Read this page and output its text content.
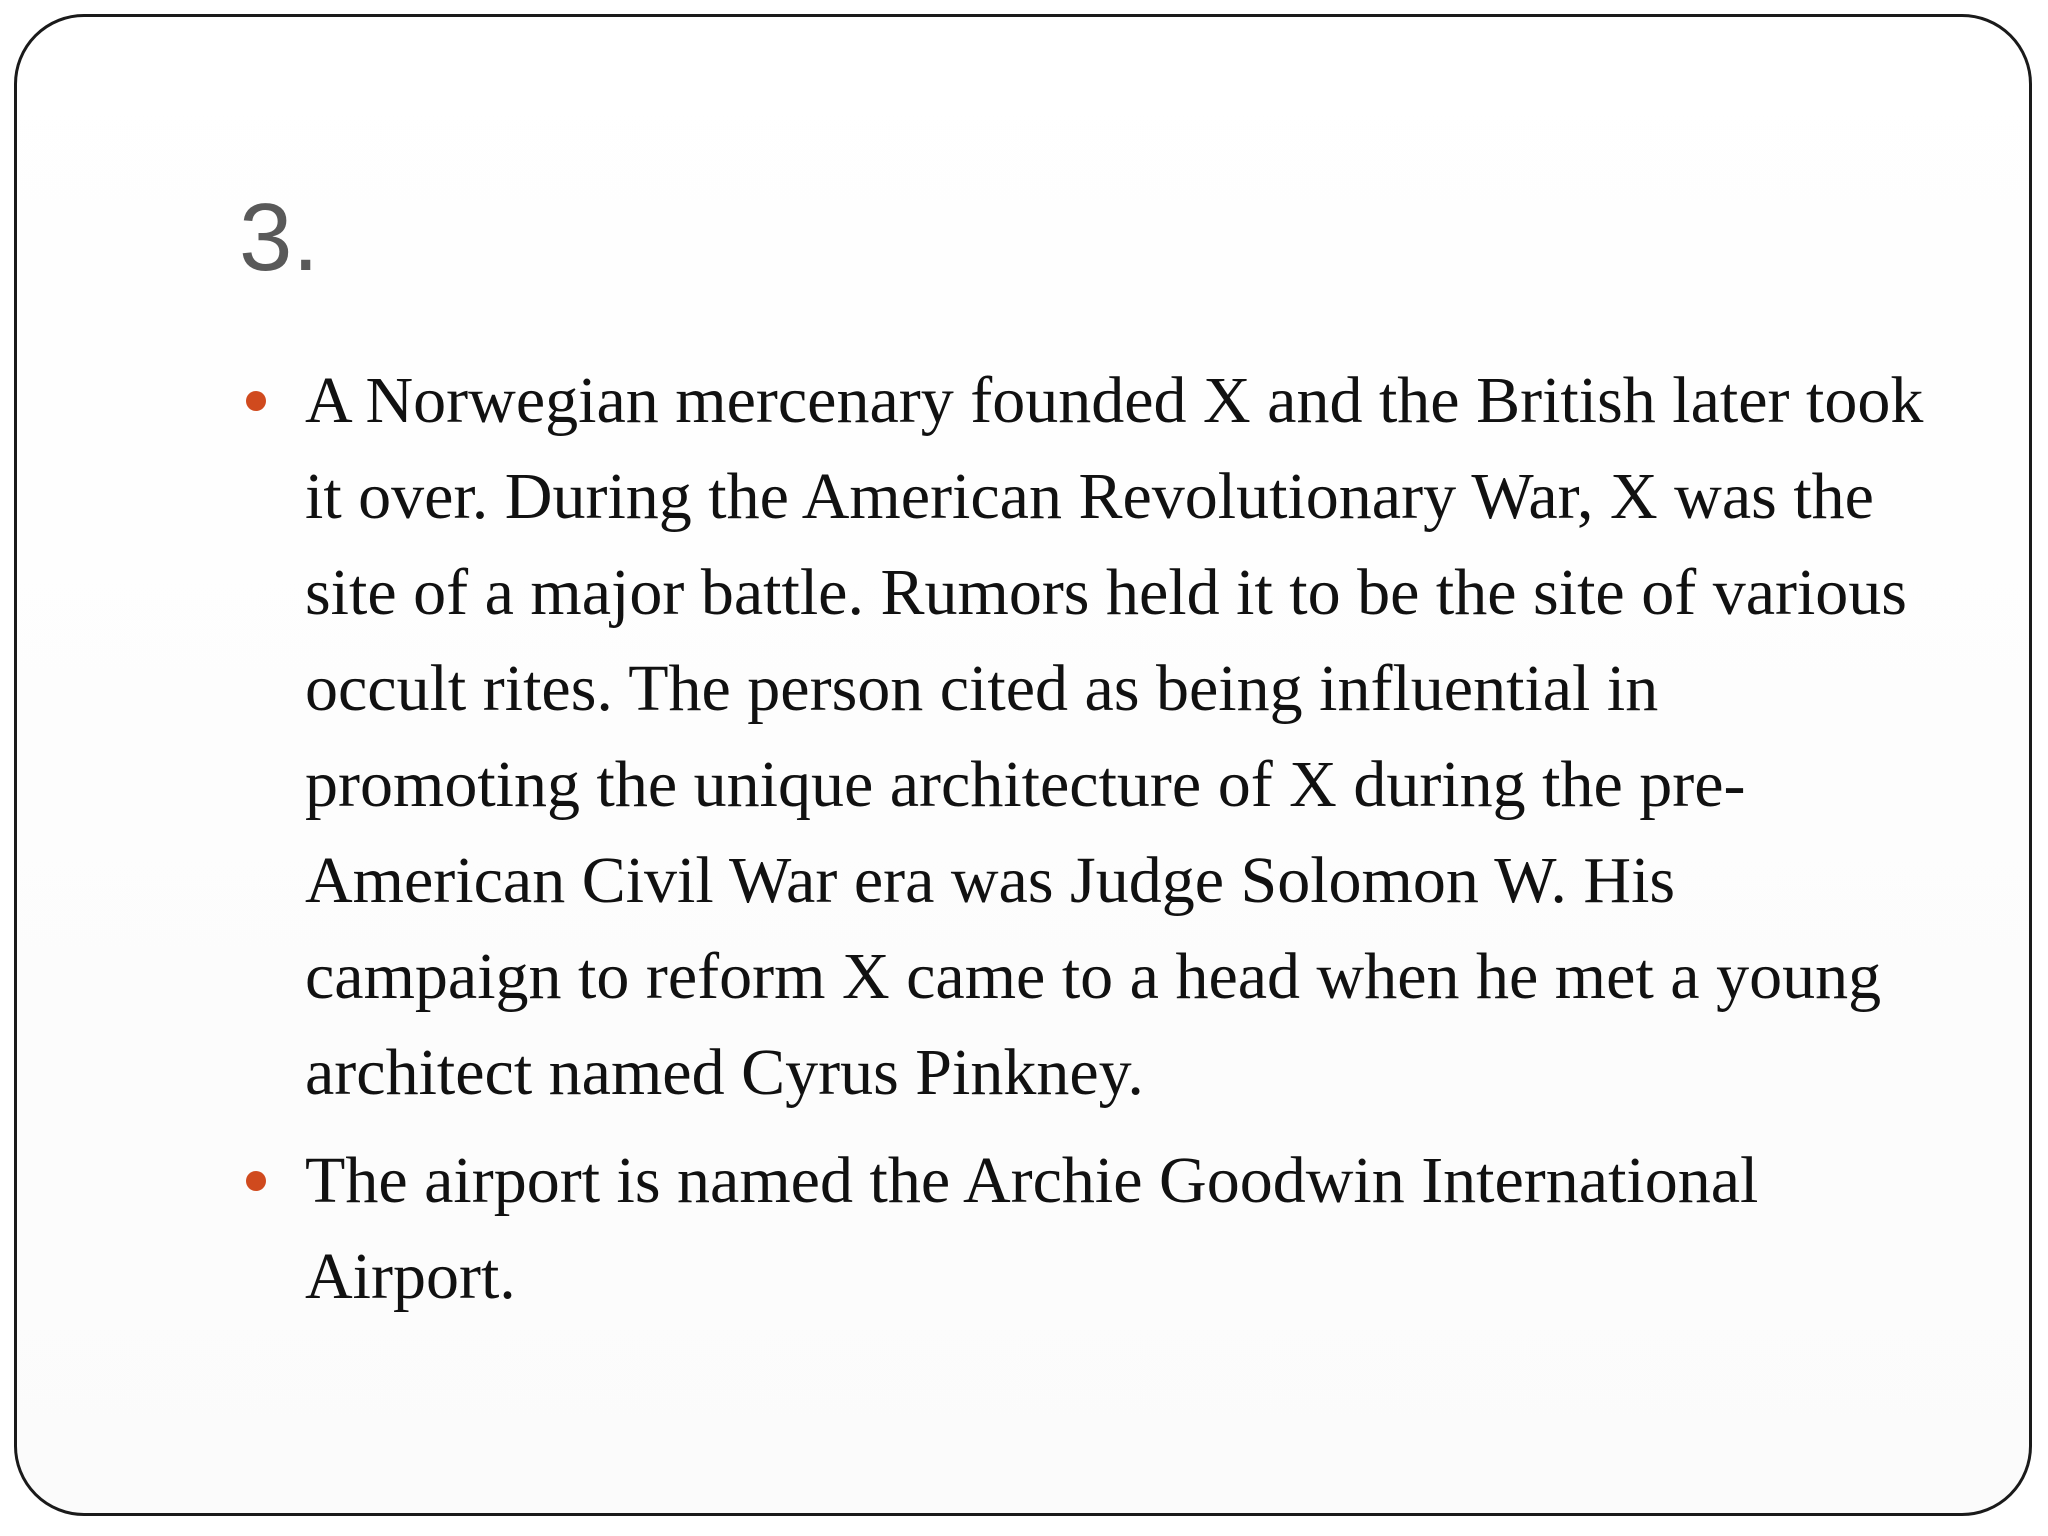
3.
A Norwegian mercenary founded X and the British later took it over. During the American Revolutionary War, X was the site of a major battle. Rumors held it to be the site of various occult rites. The person cited as being influential in promoting the unique architecture of X during the pre-American Civil War era was Judge Solomon W. His campaign to reform X came to a head when he met a young architect named Cyrus Pinkney.
The airport is named the Archie Goodwin International Airport.
